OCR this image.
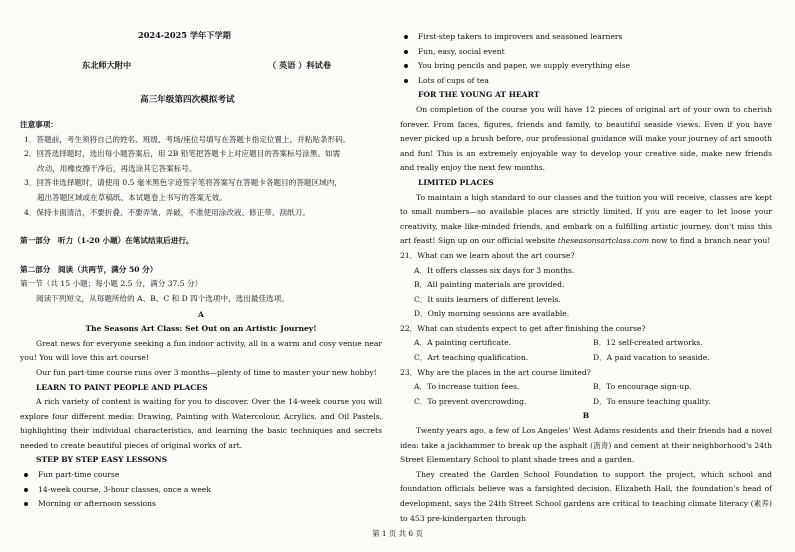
2024-2025 学年下学期
东北师大附中	（ 英语 ）科试卷
高三年级第四次模拟考试

注意事项：

1．答题前，考生须将自己的姓名、班级、考场/座位号填写在答题卡指定位置上，并粘贴条形码。

2．回答选择题时，选出每小题答案后，用 2B 铅笔把答题卡上对应题目的答案标号涂黑。如需

改动，用橡皮擦干净后，再选涂其它答案标号。

3．回答非选择题时，请使用 0.5 毫米黑色字迹签字笔将答案写在答题卡各题目的答题区域内，

超出答题区域或在草稿纸、本试题卷上书写的答案无效。

4．保持卡面清洁，不要折叠、不要弄皱、弄破，不准使用涂改液、修正带、刮纸刀。

第一部分　听力（1-20 小题）在笔试结束后进行。

第二部分　阅读（共两节，满分 50 分）

第一节（共 15 小题；每小题 2.5 分，满分 37.5 分）

阅读下列短文，从每题所给的 A、B、C 和 D 四个选项中，选出最佳选项。

A

The Seasons Art Class: Set Out on an Artistic Journey!

Great news for everyone seeking a fun indoor activity, all in a warm and cosy venue near you! You will love this art course!

Our fun part-time course runs over 3 months—plenty of time to master your new hobby!

LEARN TO PAINT PEOPLE AND PLACES

A rich variety of content is waiting for you to discover. Over the 14-week course you will explore four different media: Drawing, Painting with Watercolour, Acrylics, and Oil Pastels, highlighting their individual characteristics, and learning the basic techniques and secrets needed to create beautiful pieces of original works of art.

STEP BY STEP EASY LESSONS

Fun part-time course
14-week course, 3-hour classes, once a week
Morning or afternoon sessions
First-step takers to improvers and seasoned learners
Fun, easy, social event
You bring pencils and paper, we supply everything else
Lots of cups of tea

FOR THE YOUNG AT HEART

On completion of the course you will have 12 pieces of original art of your own to cherish forever. From faces, figures, friends and family, to beautiful seaside views. Even if you have never picked up a brush before, our professional guidance will make your journey of art smooth and fun! This is an extremely enjoyable way to develop your creative side, make new friends and really enjoy the next few months.

LIMITED PLACES

To maintain a high standard to our classes and the tuition you will receive, classes are kept to small numbers—so available places are strictly limited. If you are eager to let loose your creativity, make like-minded friends, and embark on a fulfilling artistic journey, don't miss this art feast! Sign up on our official website theseasonsartclass.com now to find a branch near you!

21．What can we learn about the art course?

A．It offers classes six days for 3 months.

B．All painting materials are provided.

C．It suits learners of different levels.

D．Only morning sessions are available.

22．What can students expect to get after finishing the course?

A．A painting certificate.	B．12 self-created artworks.
C．Art teaching qualification.	D．A paid vacation to seaside.

23．Why are the places in the art course limited?

A．To increase tuition fees.	B．To encourage sign-up.
C．To prevent overcrowding.	D．To ensure teaching quality.

B

Twenty years ago, a few of Los Angeles' West Adams residents and their friends had a novel idea: take a jackhammer to break up the asphalt (沥青) and cement at their neighborhood's 24th Street Elementary School to plant shade trees and a garden.

They created the Garden School Foundation to support the project, which school and foundation officials believe was a farsighted decision. Elizabeth Hall, the foundation's head of development, says the 24th Street School gardens are critical to teaching climate literacy (素养) to 453 pre-kindergarten through

第 1 页 共 6 页
